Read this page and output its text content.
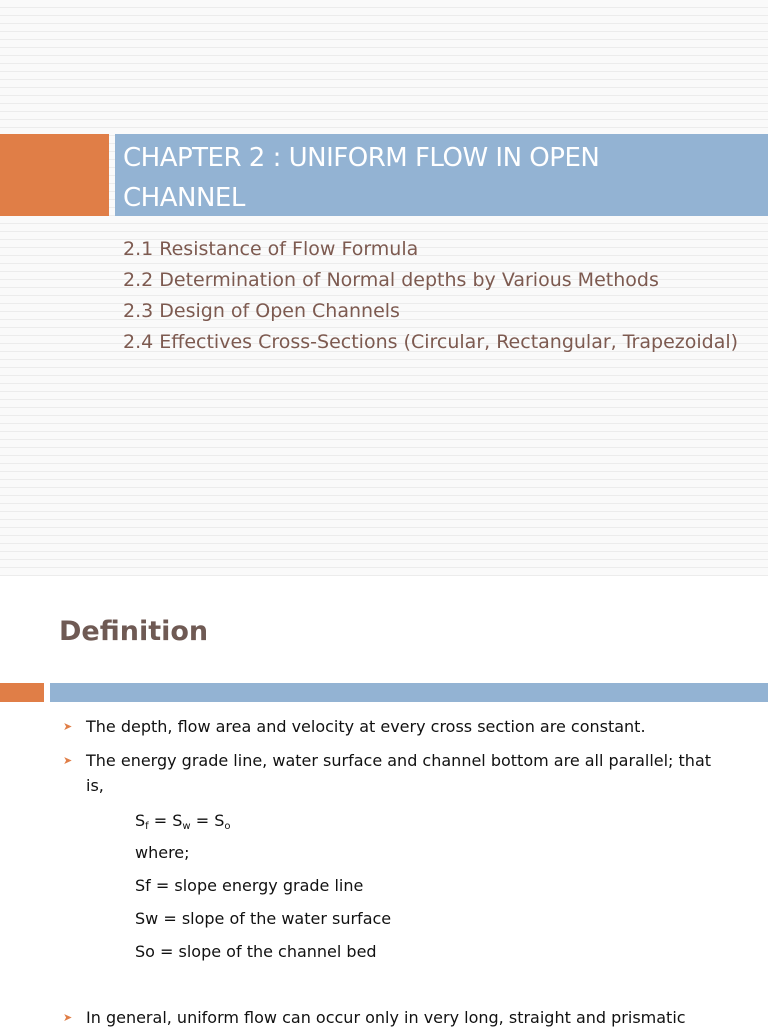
CHAPTER 2 : UNIFORM FLOW IN OPEN CHANNEL
2.1 Resistance of Flow Formula
2.2 Determination of Normal depths by Various Methods
2.3 Design of Open Channels
2.4 Effectives Cross-Sections (Circular, Rectangular, Trapezoidal)
Definition
➤ The depth, flow area and velocity at every cross section are constant.
➤ The energy grade line, water surface and channel bottom are all parallel; that is,
$S_f = S_w = S_o$
where;
Sf = slope energy grade line
Sw = slope of the water surface
So = slope of the channel bed
➤ In general, uniform flow can occur only in very long, straight and prismatic
